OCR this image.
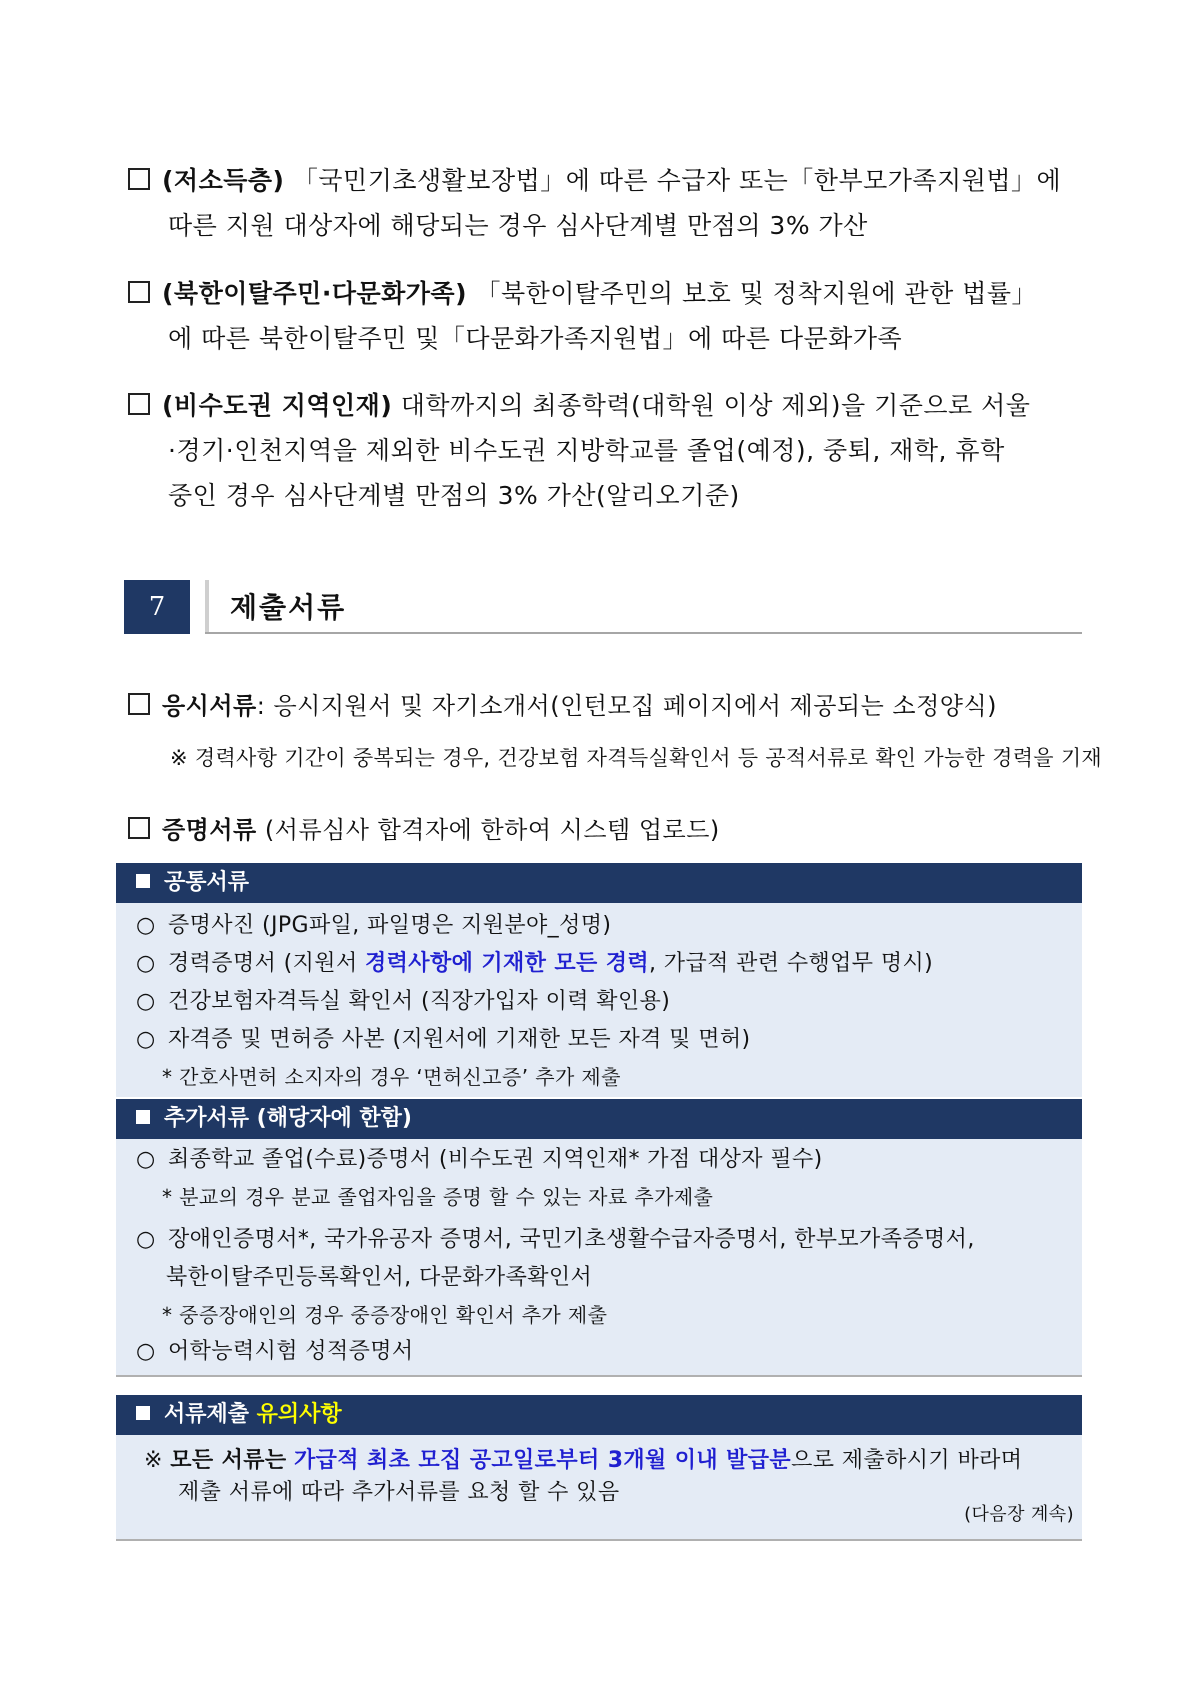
(저소득층) 「국민기초생활보장법」에 따른 수급자 또는「한부모가족지원법」에
따른 지원 대상자에 해당되는 경우 심사단계별 만점의 3% 가산
(북한이탈주민·다문화가족) 「북한이탈주민의 보호 및 정착지원에 관한 법률」
에 따른 북한이탈주민 및「다문화가족지원법」에 따른 다문화가족
(비수도권 지역인재) 대학까지의 최종학력(대학원 이상 제외)을 기준으로 서울
·경기·인천지역을 제외한 비수도권 지방학교를 졸업(예정), 중퇴, 재학, 휴학
중인 경우 심사단계별 만점의 3% 가산(알리오기준)
7	제출서류
응시서류: 응시지원서 및 자기소개서(인턴모집 페이지에서 제공되는 소정양식)
※ 경력사항 기간이 중복되는 경우, 건강보험 자격득실확인서 등 공적서류로 확인 가능한 경력을 기재
증명서류 (서류심사 합격자에 한하여 시스템 업로드)
공통서류
○ 증명사진 (JPG파일, 파일명은 지원분야_성명)
○ 경력증명서 (지원서 경력사항에 기재한 모든 경력, 가급적 관련 수행업무 명시)
○ 건강보험자격득실 확인서 (직장가입자 이력 확인용)
○ 자격증 및 면허증 사본 (지원서에 기재한 모든 자격 및 면허)
* 간호사면허 소지자의 경우 ‘면허신고증’ 추가 제출
추가서류 (해당자에 한함)
○ 최종학교 졸업(수료)증명서 (비수도권 지역인재* 가점 대상자 필수)
* 분교의 경우 분교 졸업자임을 증명 할 수 있는 자료 추가제출
○ 장애인증명서*, 국가유공자 증명서, 국민기초생활수급자증명서, 한부모가족증명서,
북한이탈주민등록확인서, 다문화가족확인서
* 중증장애인의 경우 중증장애인 확인서 추가 제출
○ 어학능력시험 성적증명서
서류제출 유의사항
※ 모든 서류는 가급적 최초 모집 공고일로부터 3개월 이내 발급분으로 제출하시기 바라며
제출 서류에 따라 추가서류를 요청 할 수 있음
(다음장 계속)
